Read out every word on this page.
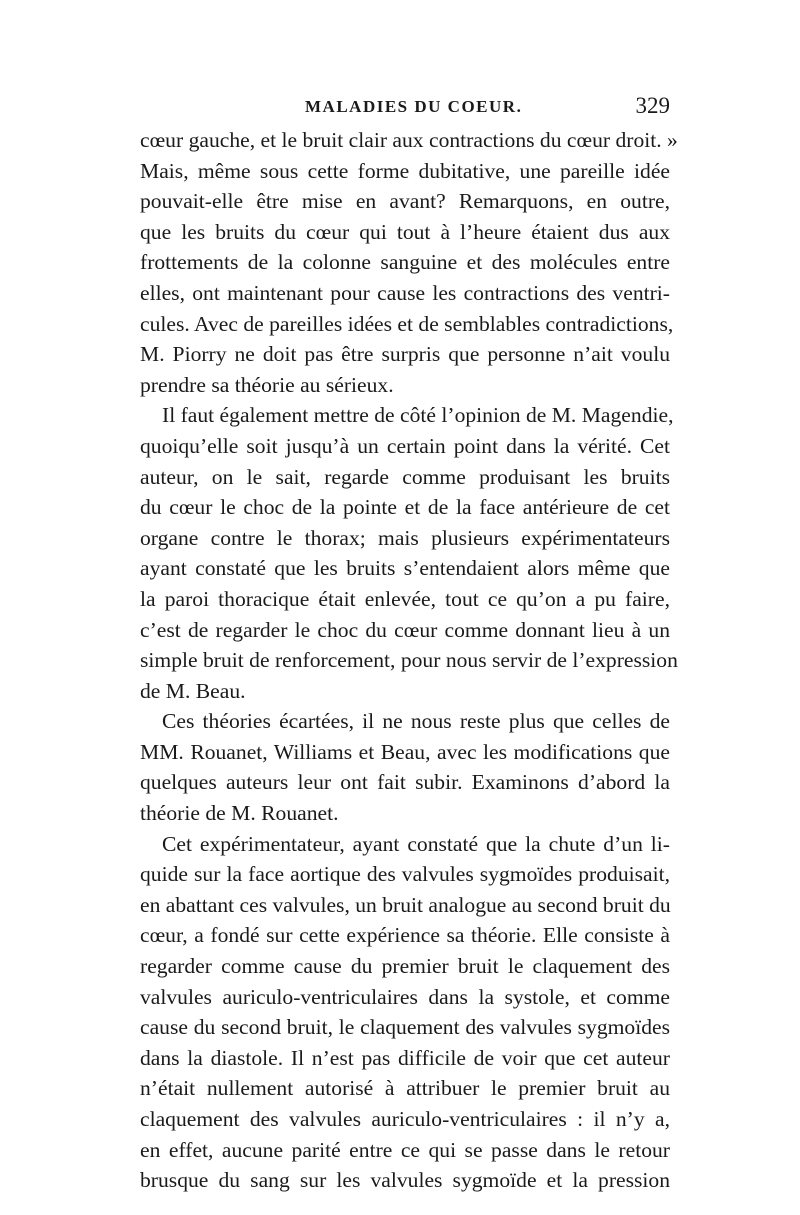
MALADIES DU COEUR.	329
cœur gauche, et le bruit clair aux contractions du cœur droit. »
Mais, même sous cette forme dubitative, une pareille idée
pouvait-elle être mise en avant? Remarquons, en outre,
que les bruits du cœur qui tout à l’heure étaient dus aux
frottements de la colonne sanguine et des molécules entre
elles, ont maintenant pour cause les contractions des ventri-
cules. Avec de pareilles idées et de semblables contradictions,
M. Piorry ne doit pas être surpris que personne n’ait voulu
prendre sa théorie au sérieux.
Il faut également mettre de côté l’opinion de M. Magendie,
quoiqu’elle soit jusqu’à un certain point dans la vérité. Cet
auteur, on le sait, regarde comme produisant les bruits
du cœur le choc de la pointe et de la face antérieure de cet
organe contre le thorax; mais plusieurs expérimentateurs
ayant constaté que les bruits s’entendaient alors même que
la paroi thoracique était enlevée, tout ce qu’on a pu faire,
c’est de regarder le choc du cœur comme donnant lieu à un
simple bruit de renforcement, pour nous servir de l’expression
de M. Beau.
Ces théories écartées, il ne nous reste plus que celles de
MM. Rouanet, Williams et Beau, avec les modifications que
quelques auteurs leur ont fait subir. Examinons d’abord la
théorie de M. Rouanet.
Cet expérimentateur, ayant constaté que la chute d’un li-
quide sur la face aortique des valvules sygmoïdes produisait,
en abattant ces valvules, un bruit analogue au second bruit du
cœur, a fondé sur cette expérience sa théorie. Elle consiste à
regarder comme cause du premier bruit le claquement des
valvules auriculo-ventriculaires dans la systole, et comme
cause du second bruit, le claquement des valvules sygmoïdes
dans la diastole. Il n’est pas difficile de voir que cet auteur
n’était nullement autorisé à attribuer le premier bruit au
claquement des valvules auriculo-ventriculaires : il n’y a,
en effet, aucune parité entre ce qui se passe dans le retour
brusque du sang sur les valvules sygmoïde et la pression
